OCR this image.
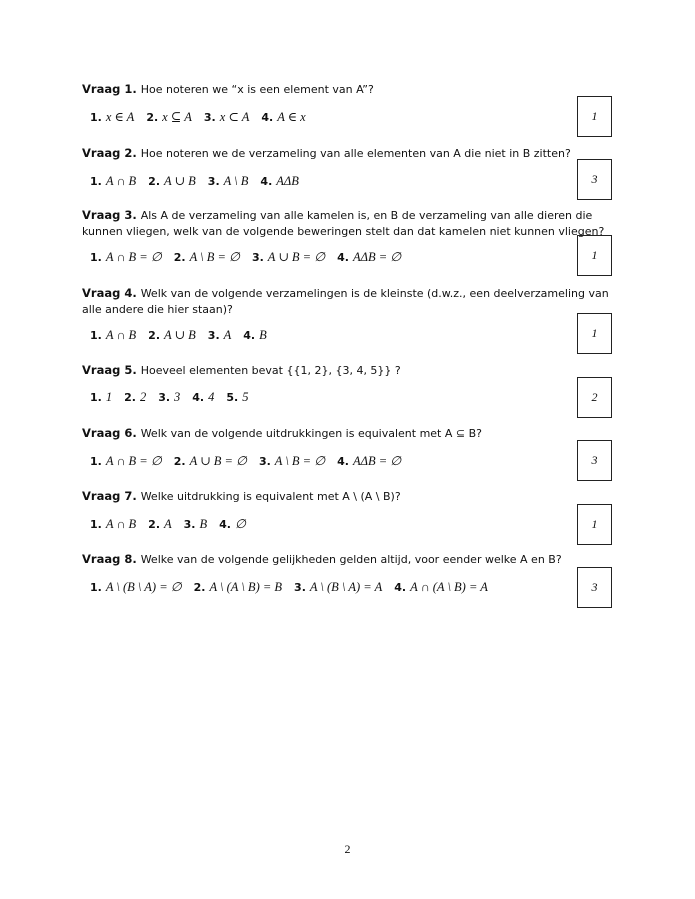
Vraag 1. Hoe noteren we “x is een element van A”?
1. x ∈ A 2. x ⊆ A 3. x ⊂ A 4. A ∈ x	1
Vraag 2. Hoe noteren we de verzameling van alle elementen van A die niet in B zitten?
1. A ∩ B 2. A ∪ B 3. A \ B 4. AΔB	3
Vraag 3. Als A de verzameling van alle kamelen is, en B de verzameling van alle dieren die kunnen vliegen, welk van de volgende beweringen stelt dan dat kamelen niet kunnen vliegen?
1. A ∩ B = ∅ 2. A \ B = ∅ 3. A ∪ B = ∅ 4. AΔB = ∅	1
Vraag 4. Welk van de volgende verzamelingen is de kleinste (d.w.z., een deelverzameling van alle andere die hier staan)?
1. A ∩ B 2. A ∪ B 3. A 4. B	1
Vraag 5. Hoeveel elementen bevat {{1, 2}, {3, 4, 5}} ?
1. 1 2. 2 3. 3 4. 4 5. 5	2
Vraag 6. Welk van de volgende uitdrukkingen is equivalent met A ⊆ B?
1. A ∩ B = ∅ 2. A ∪ B = ∅ 3. A \ B = ∅ 4. AΔB = ∅	3
Vraag 7. Welke uitdrukking is equivalent met A \ (A \ B)?
1. A ∩ B 2. A 3. B 4. ∅	1
Vraag 8. Welke van de volgende gelijkheden gelden altijd, voor eender welke A en B?
1. A \ (B \ A) = ∅ 2. A \ (A \ B) = B 3. A \ (B \ A) = A 4. A ∩ (A \ B) = A	3
2
